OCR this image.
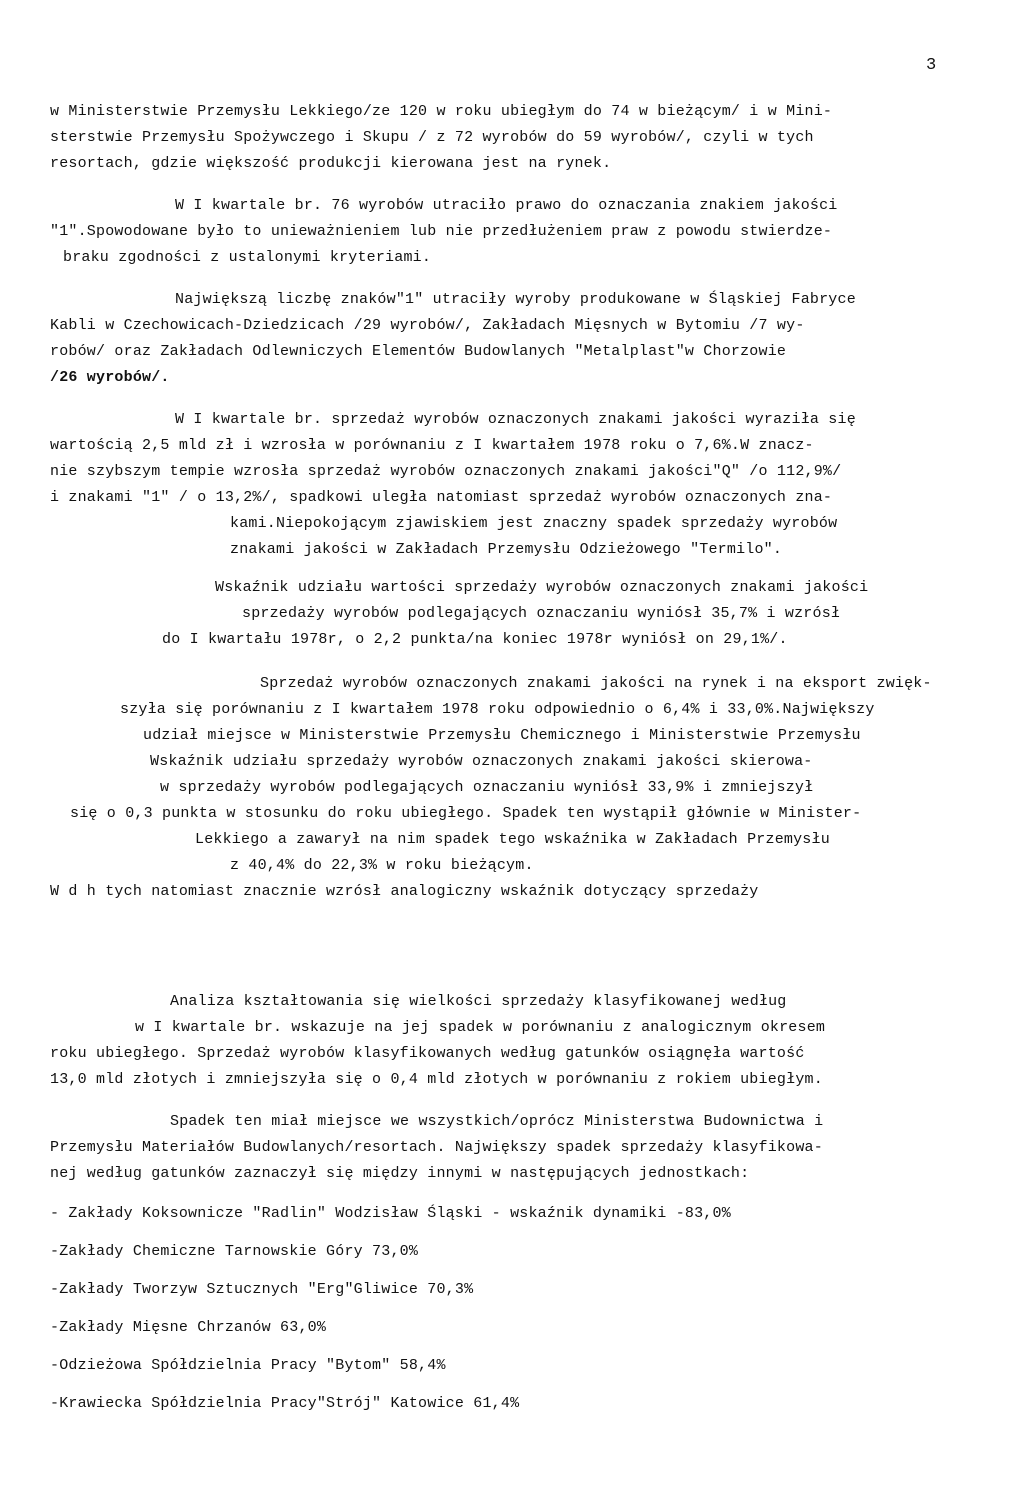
3
w Ministerstwie Przemysłu Lekkiego/ze 120 w roku ubiegłym do 74 w bieżącym/ i w Mini-
sterstwie Przemysłu Spożywczego i Skupu / z 72 wyrobów do 59 wyrobów/, czyli w tych
resortach, gdzie większość produkcji kierowana jest na rynek.
W I kwartale br. 76 wyrobów utraciło prawo do oznaczania znakiem jakości
"1".Spowodowane było to unieważnieniem lub nie przedłużeniem praw z powodu stwierdze-
braku zgodności z ustalonymi kryteriami.
Największą liczbę znaków"1" utraciły wyroby produkowane w Śląskiej Fabryce
Kabli w Czechowicach-Dziedzicach /29 wyrobów/, Zakładach Mięsnych w Bytomiu /7 wy-
robów/ oraz Zakładach Odlewniczych Elementów Budowlanych "Metalplast"w Chorzowie
/26 wyrobów/.
W I kwartale br. sprzedaż wyrobów oznaczonych znakami jakości wyraziła się
wartością 2,5 mld zł i wzrosła w porównaniu z I kwartałem 1978 roku o 7,6%.W znacz-
nie szybszym tempie wzrosła sprzedaż wyrobów oznaczonych znakami jakości"Q" /o 112,9%/
i znakami "1" / o 13,2%/, spadkowi uległa natomiast sprzedaż wyrobów oznaczonych zna-
kami.Niepokojącym zjawiskiem jest znaczny spadek sprzedaży wyrobów
znakami jakości w Zakładach Przemysłu Odzieżowego "Termilo".
Wskaźnik udziału wartości sprzedaży wyrobów oznaczonych znakami jakości
sprzedaży wyrobów podlegających oznaczaniu wyniósł 35,7% i wzrósł
do I kwartału 1978r, o 2,2 punkta/na koniec 1978r wyniósł on 29,1%/.
Sprzedaż wyrobów oznaczonych znakami jakości na rynek i na eksport zwięk-
szyła się porównaniu z I kwartałem 1978 roku odpowiednio o 6,4% i 33,0%.Największy
udział miejsce w Ministerstwie Przemysłu Chemicznego i Ministerstwie Przemysłu
Wskaźnik udziału sprzedaży wyrobów oznaczonych znakami jakości skierowa-
w sprzedaży wyrobów podlegających oznaczaniu wyniósł 33,9% i zmniejszył
się o 0,3 punkta w stosunku do roku ubiegłego. Spadek ten wystąpił głównie w Minister-
Lekkiego a zawarył na nim spadek tego wskaźnika w Zakładach Przemysłu
z 40,4% do 22,3% w roku bieżącym.
W d h tych natomiast znacznie wzrósł analogiczny wskaźnik dotyczący sprzedaży
Analiza kształtowania się wielkości sprzedaży klasyfikowanej według
w I kwartale br. wskazuje na jej spadek w porównaniu z analogicznym okresem
roku ubiegłego. Sprzedaż wyrobów klasyfikowanych według gatunków osiągnęła wartość
13,0 mld złotych i zmniejszyła się o 0,4 mld złotych w porównaniu z rokiem ubiegłym.
Spadek ten miał miejsce we wszystkich/oprócz Ministerstwa Budownictwa i
Przemysłu Materiałów Budowlanych/resortach. Największy spadek sprzedaży klasyfikowa-
nej według gatunków zaznaczył się między innymi w następujących jednostkach:
- Zakłady Koksownicze "Radlin" Wodzisław Śląski - wskaźnik dynamiki -83,0%
-Zakłady Chemiczne Tarnowskie Góry 73,0%
-Zakłady Tworzyw Sztucznych "Erg"Gliwice 70,3%
-Zakłady Mięsne Chrzanów 63,0%
-Odzieżowa Spółdzielnia Pracy "Bytom" 58,4%
-Krawiecka Spółdzielnia Pracy"Strój" Katowice 61,4%
